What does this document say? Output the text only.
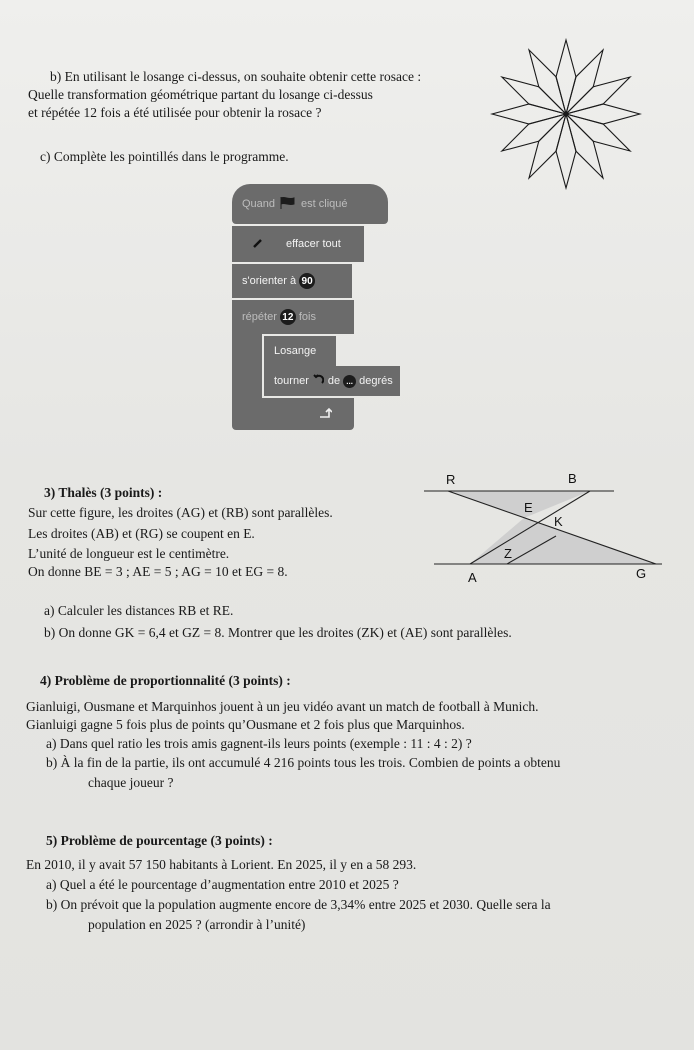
b) En utilisant le losange ci-dessus, on souhaite obtenir cette rosace :
Quelle transformation géométrique partant du losange ci-dessus
et répétée 12 fois a été utilisée pour obtenir la rosace ?
c) Complète les pointillés dans le programme.
Quand est cliqué
effacer tout
s'orienter à 90
répéter 12 fois
Losange
tourner de ... degrés
3) Thalès (3 points) :
Sur cette figure, les droites (AG) et (RB) sont parallèles.
Les droites (AB) et (RG) se coupent en E.
L’unité de longueur est le centimètre.
On donne BE = 3 ; AE = 5 ; AG = 10 et EG = 8.
R	B
E
K
Z
A	G
a) Calculer les distances RB et RE.
b) On donne GK = 6,4 et GZ = 8. Montrer que les droites (ZK) et (AE) sont parallèles.
4) Problème de proportionnalité (3 points) :
Gianluigi, Ousmane et Marquinhos jouent à un jeu vidéo avant un match de football à Munich.
Gianluigi gagne 5 fois plus de points qu’Ousmane et 2 fois plus que Marquinhos.
a) Dans quel ratio les trois amis gagnent-ils leurs points (exemple : 11 : 4 : 2) ?
b) À la fin de la partie, ils ont accumulé 4 216 points tous les trois. Combien de points a obtenu
chaque joueur ?
5) Problème de pourcentage (3 points) :
En 2010, il y avait 57 150 habitants à Lorient. En 2025, il y en a 58 293.
a) Quel a été le pourcentage d’augmentation entre 2010 et 2025 ?
b) On prévoit que la population augmente encore de 3,34% entre 2025 et 2030. Quelle sera la
population en 2025 ? (arrondir à l’unité)
